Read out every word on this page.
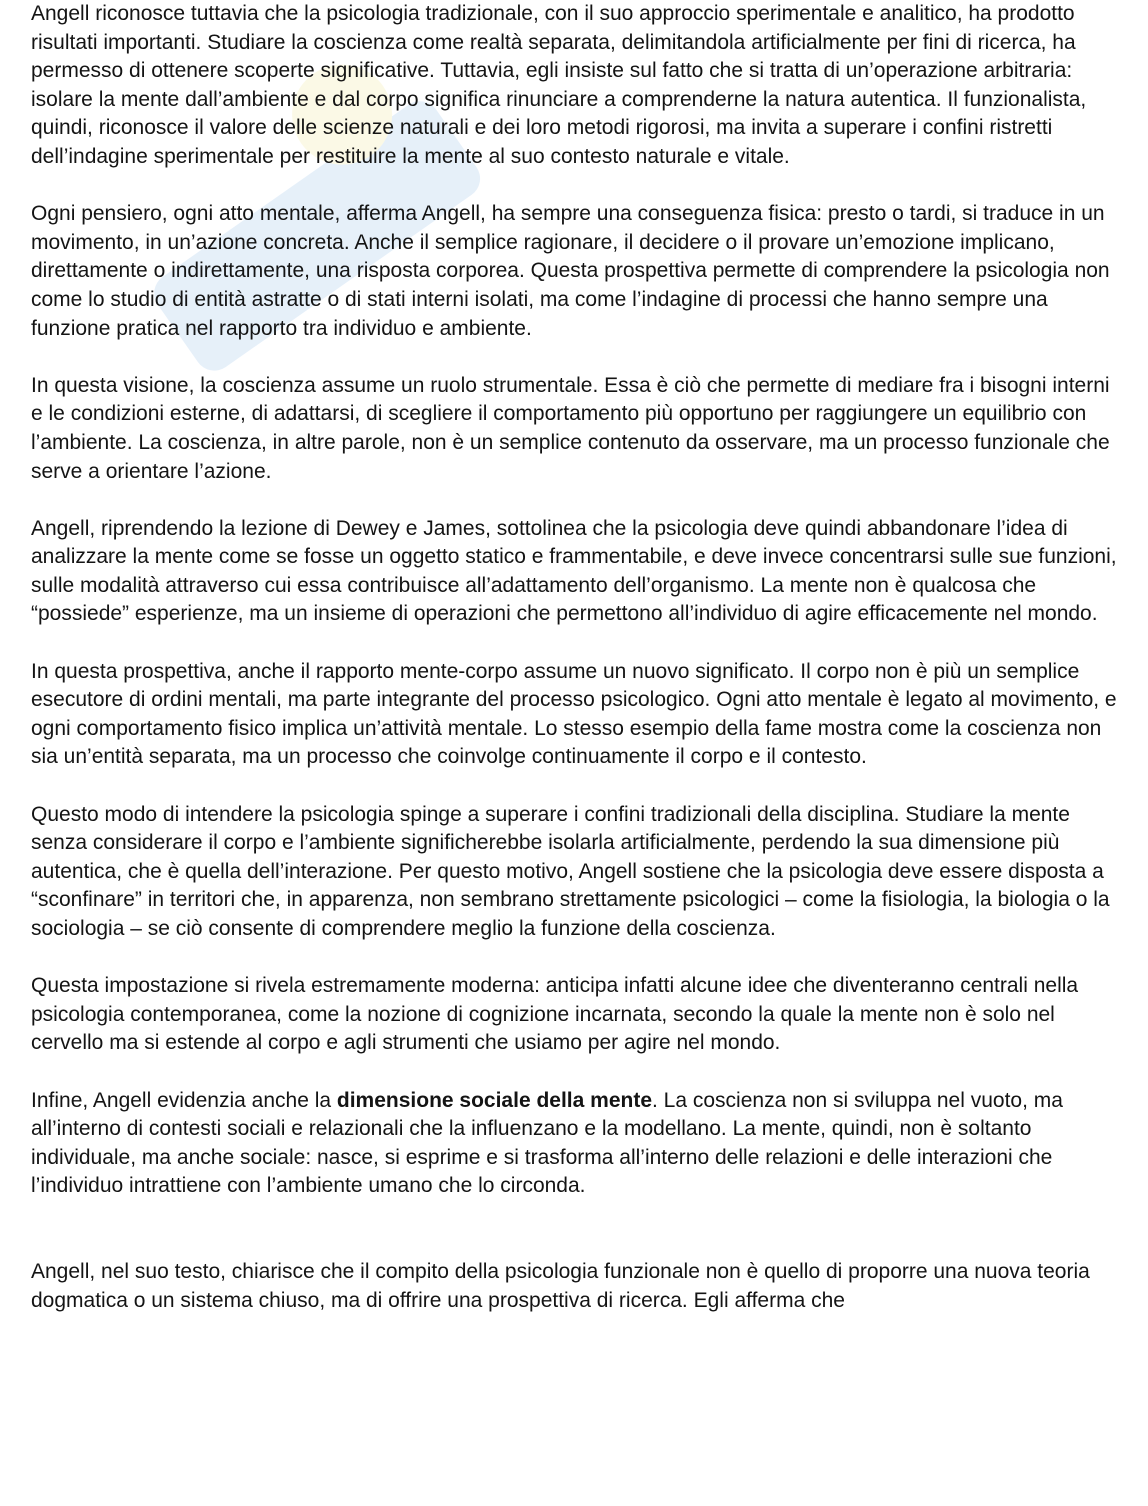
Angell riconosce tuttavia che la psicologia tradizionale, con il suo approccio sperimentale e analitico, ha prodotto risultati importanti. Studiare la coscienza come realtà separata, delimitandola artificialmente per fini di ricerca, ha permesso di ottenere scoperte significative. Tuttavia, egli insiste sul fatto che si tratta di un’operazione arbitraria: isolare la mente dall’ambiente e dal corpo significa rinunciare a comprenderne la natura autentica. Il funzionalista, quindi, riconosce il valore delle scienze naturali e dei loro metodi rigorosi, ma invita a superare i confini ristretti dell’indagine sperimentale per restituire la mente al suo contesto naturale e vitale.

Ogni pensiero, ogni atto mentale, afferma Angell, ha sempre una conseguenza fisica: presto o tardi, si traduce in un movimento, in un’azione concreta. Anche il semplice ragionare, il decidere o il provare un’emozione implicano, direttamente o indirettamente, una risposta corporea. Questa prospettiva permette di comprendere la psicologia non come lo studio di entità astratte o di stati interni isolati, ma come l’indagine di processi che hanno sempre una funzione pratica nel rapporto tra individuo e ambiente.

In questa visione, la coscienza assume un ruolo strumentale. Essa è ciò che permette di mediare fra i bisogni interni e le condizioni esterne, di adattarsi, di scegliere il comportamento più opportuno per raggiungere un equilibrio con l’ambiente. La coscienza, in altre parole, non è un semplice contenuto da osservare, ma un processo funzionale che serve a orientare l’azione.

Angell, riprendendo la lezione di Dewey e James, sottolinea che la psicologia deve quindi abbandonare l’idea di analizzare la mente come se fosse un oggetto statico e frammentabile, e deve invece concentrarsi sulle sue funzioni, sulle modalità attraverso cui essa contribuisce all’adattamento dell’organismo. La mente non è qualcosa che “possiede” esperienze, ma un insieme di operazioni che permettono all’individuo di agire efficacemente nel mondo.

In questa prospettiva, anche il rapporto mente-corpo assume un nuovo significato. Il corpo non è più un semplice esecutore di ordini mentali, ma parte integrante del processo psicologico. Ogni atto mentale è legato al movimento, e ogni comportamento fisico implica un’attività mentale. Lo stesso esempio della fame mostra come la coscienza non sia un’entità separata, ma un processo che coinvolge continuamente il corpo e il contesto.

Questo modo di intendere la psicologia spinge a superare i confini tradizionali della disciplina. Studiare la mente senza considerare il corpo e l’ambiente significherebbe isolarla artificialmente, perdendo la sua dimensione più autentica, che è quella dell’interazione. Per questo motivo, Angell sostiene che la psicologia deve essere disposta a “sconfinare” in territori che, in apparenza, non sembrano strettamente psicologici – come la fisiologia, la biologia o la sociologia – se ciò consente di comprendere meglio la funzione della coscienza.

Questa impostazione si rivela estremamente moderna: anticipa infatti alcune idee che diventeranno centrali nella psicologia contemporanea, come la nozione di cognizione incarnata, secondo la quale la mente non è solo nel cervello ma si estende al corpo e agli strumenti che usiamo per agire nel mondo.

Infine, Angell evidenzia anche la dimensione sociale della mente. La coscienza non si sviluppa nel vuoto, ma all’interno di contesti sociali e relazionali che la influenzano e la modellano. La mente, quindi, non è soltanto individuale, ma anche sociale: nasce, si esprime e si trasforma all’interno delle relazioni e delle interazioni che l’individuo intrattiene con l’ambiente umano che lo circonda.

Angell, nel suo testo, chiarisce che il compito della psicologia funzionale non è quello di proporre una nuova teoria dogmatica o un sistema chiuso, ma di offrire una prospettiva di ricerca. Egli afferma che
